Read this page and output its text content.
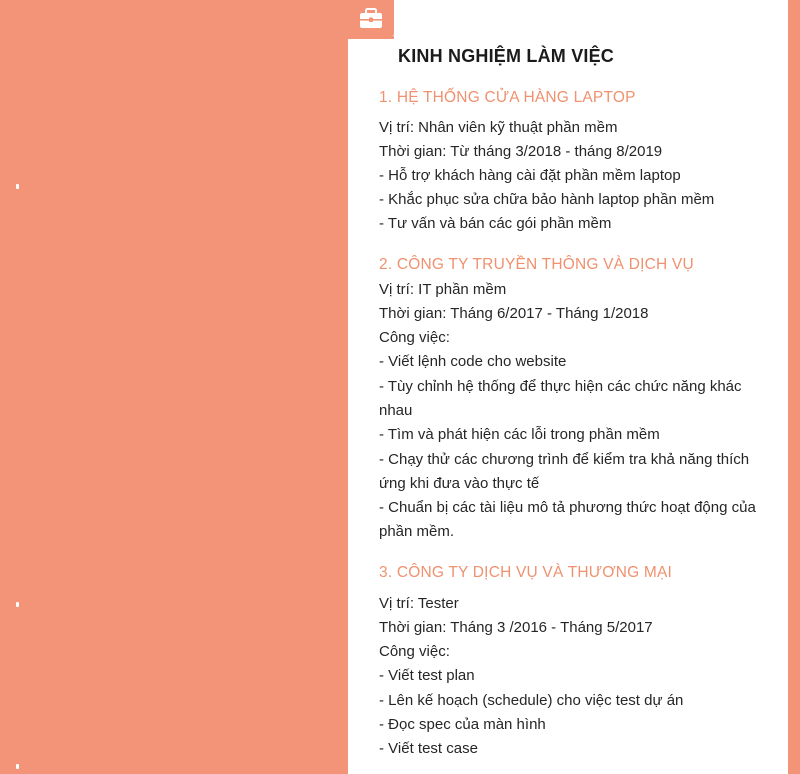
KINH NGHIỆM LÀM VIỆC
1. HỆ THỐNG CỬA HÀNG LAPTOP

Vị trí: Nhân viên kỹ thuật phần mềm

Thời gian: Từ tháng 3/2018 - tháng 8/2019

- Hỗ trợ khách hàng cài đặt phần mềm laptop

- Khắc phục sửa chữa bảo hành laptop phần mềm

- Tư vấn và bán các gói phần mềm

2. CÔNG TY TRUYỀN THÔNG VÀ DỊCH VỤ

Vị trí: IT phần mềm

Thời gian: Tháng 6/2017 - Tháng 1/2018

Công việc:

- Viết lệnh code cho website

- Tùy chỉnh hệ thống để thực hiện các chức năng khác

nhau

- Tìm và phát hiện các lỗi trong phần mềm

- Chạy thử các chương trình để kiểm tra khả năng thích

ứng khi đưa vào thực tế

- Chuẩn bị các tài liệu mô tả phương thức hoạt động của

phần mềm.

3. CÔNG TY DỊCH VỤ VÀ THƯƠNG MẠI

Vị trí: Tester

Thời gian: Tháng 3 /2016 - Tháng 5/2017

Công việc:

- Viết test plan

- Lên kế hoạch (schedule) cho việc test dự án

- Đọc spec của màn hình

- Viết test case
